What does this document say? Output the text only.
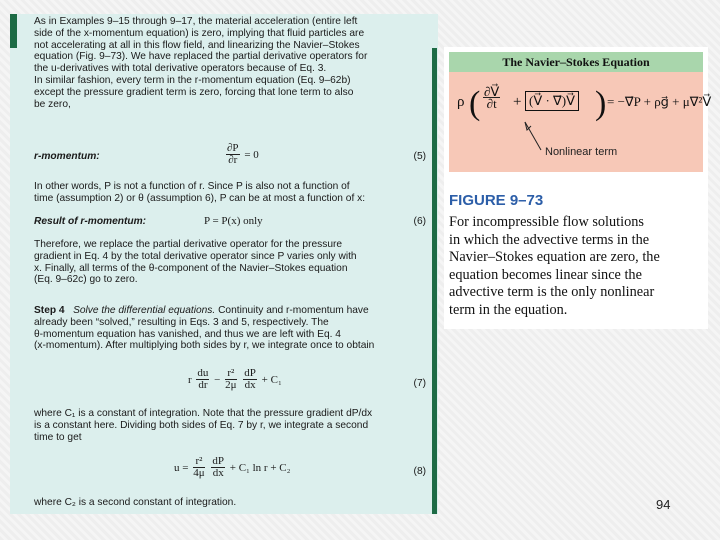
As in Examples 9–15 through 9–17, the material acceleration (entire left
side of the x-momentum equation) is zero, implying that fluid particles are
not accelerating at all in this flow field, and linearizing the Navier–Stokes
equation (Fig. 9–73). We have replaced the partial derivative operators for
the u-derivatives with total derivative operators because of Eq. 3.
In similar fashion, every term in the r-momentum equation (Eq. 9–62b)
except the pressure gradient term is zero, forcing that lone term to also
be zero,
r-momentum:	$\frac{\partial P}{\partial r} = 0$	(5)
In other words, P is not a function of r. Since P is also not a function of
time (assumption 2) or θ (assumption 6), P can be at most a function of x:
Result of r-momentum:	P = P(x) only	(6)
Therefore, we replace the partial derivative operator for the pressure
gradient in Eq. 4 by the total derivative operator since P varies only with
x. Finally, all terms of the θ-component of the Navier–Stokes equation
(Eq. 9–62c) go to zero.
Step 4 Solve the differential equations. Continuity and r-momentum have
already been “solved,” resulting in Eqs. 3 and 5, respectively. The
θ-momentum equation has vanished, and thus we are left with Eq. 4
(x-momentum). After multiplying both sides by r, we integrate once to obtain
r $\frac{du}{dr} - \frac{\text{r²}}{2\mu}$
$\frac{dP}{dx} + C_1$	(7)
where C₁ is a constant of integration. Note that the pressure gradient dP/dx
is a constant here. Dividing both sides of Eq. 7 by r, we integrate a second
time to get
$u = \frac{\text{r²}}{4\mu}$
$\frac{dP}{dx} + C_1$ ln r + C₂	(8)
where C₂ is a second constant of integration.
The Navier–Stokes Equation
ρ ( $\frac{\partial V⃗}{\partial t}$ + (V⃗ · ∇⃗)V⃗ ) = −∇⃗P + ρg⃗ + μ∇²V⃗
Nonlinear term
FIGURE 9–73
For incompressible flow solutions
in which the advective terms in the
Navier–Stokes equation are zero, the
equation becomes linear since the
advective term is the only nonlinear
term in the equation.
94
